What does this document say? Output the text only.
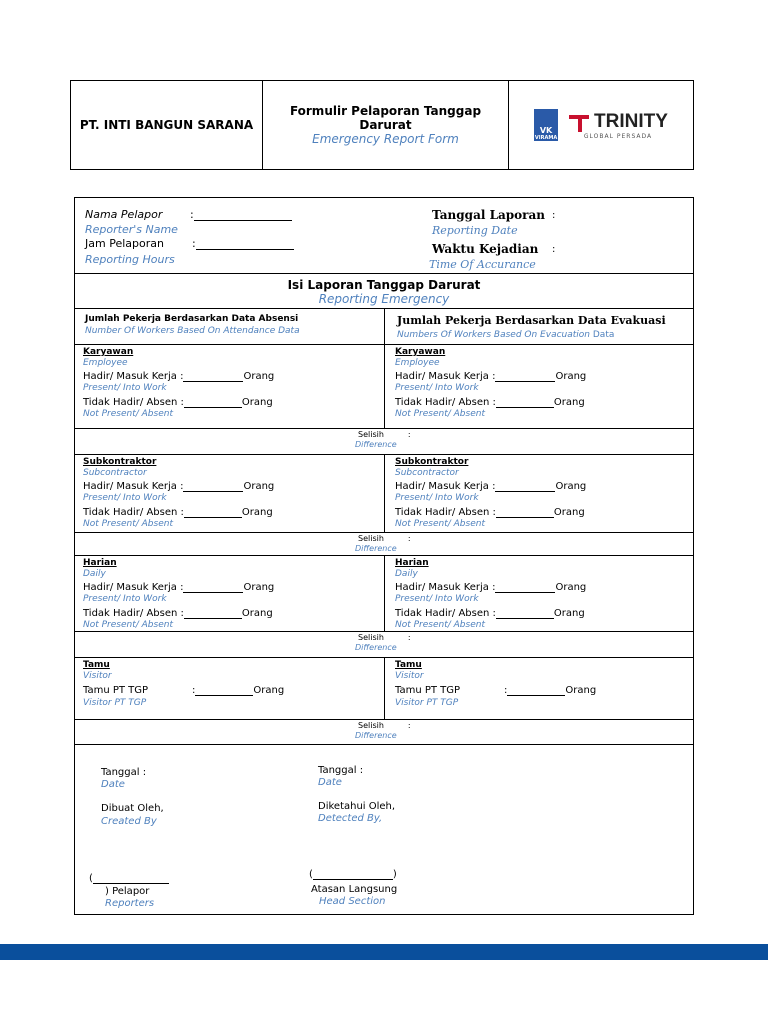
PT. INTI BANGUN SARANA
Formulir Pelaporan Tanggap
Darurat
Emergency Report Form
VK
VIRAMA
TRINITY
GLOBAL PERSADA
Nama Pelapor	:
Reporter's Name
Jam Pelaporan	:
Reporting Hours
Tanggal Laporan :
Reporting Date
Waktu Kejadian :
Time Of Accurance
Isi Laporan Tanggap Darurat
Reporting Emergency
Jumlah Pekerja Berdasarkan Data Absensi
Number Of Workers Based On Attendance Data
Jumlah Pekerja Berdasarkan Data Evakuasi
Numbers Of Workers Based On Evacuation Data
Karyawan
Employee
Hadir/ Masuk Kerja :	Orang
Present/ Into Work
Tidak Hadir/ Absen :	Orang
Not Present/ Absent
Karyawan
Employee
Hadir/ Masuk Kerja :	Orang
Present/ Into Work
Tidak Hadir/ Absen :	Orang
Not Present/ Absent
Selisih	:
Difference
Subkontraktor
Subcontractor
Hadir/ Masuk Kerja :	Orang
Present/ Into Work
Tidak Hadir/ Absen :	Orang
Not Present/ Absent
Subkontraktor
Subcontractor
Hadir/ Masuk Kerja :	Orang
Present/ Into Work
Tidak Hadir/ Absen :	Orang
Not Present/ Absent
Selisih	:
Difference
Harian
Daily
Hadir/ Masuk Kerja :	Orang
Present/ Into Work
Tidak Hadir/ Absen :	Orang
Not Present/ Absent
Harian
Daily
Hadir/ Masuk Kerja :	Orang
Present/ Into Work
Tidak Hadir/ Absen :	Orang
Not Present/ Absent
Selisih	:
Difference
Tamu
Visitor
Tamu PT TGP	:	Orang
Visitor PT TGP
Tamu
Visitor
Tamu PT TGP	:	Orang
Visitor PT TGP
Selisih	:
Difference
Tanggal :
Date
Dibuat Oleh,
Created By
Tanggal :
Date
Diketahui Oleh,
Detected By,
(
) Pelapor
Reporters
(	)
Atasan Langsung
Head Section
